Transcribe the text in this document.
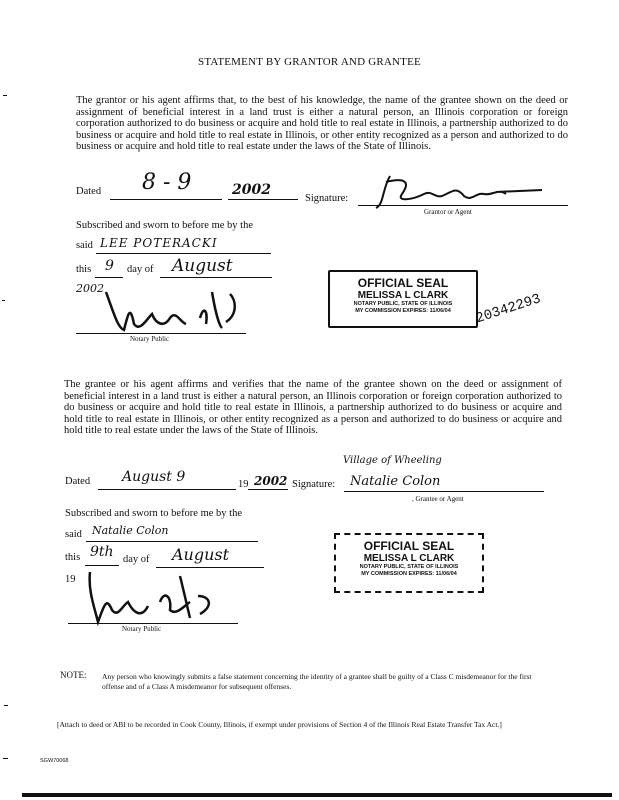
STATEMENT BY GRANTOR AND GRANTEE
The grantor or his agent affirms that, to the best of his knowledge, the name of the grantee shown on the deed or assignment of beneficial interest in a land trust is either a natural person, an Illinois corporation or foreign corporation authorized to do business or acquire and hold title to real estate in Illinois, a partnership authorized to do business or acquire and hold title to real estate in Illinois, or other entity recognized as a person and authorized to do business or acquire and hold title to real estate under the laws of the State of Illinois.
Dated 8 - 9	2002
Signature:
Grantor or Agent
Subscribed and sworn to before me by the
said LEE POTERACKI
this 9 day of August
2002
Notary Public
OFFICIAL SEAL
MELISSA L CLARK
NOTARY PUBLIC, STATE OF ILLINOIS
MY COMMISSION EXPIRES: 11/06/04	20342293
The grantee or his agent affirms and verifies that the name of the grantee shown on the deed or assignment of beneficial interest in a land trust is either a natural person, an Illinois corporation or foreign corporation authorized to do business or acquire and hold title to real estate in Illinois, a partnership authorized to do business or acquire and hold title to real estate in Illinois, or other entity recognized as a person and authorized to do business or acquire and hold title to real estate under the laws of the State of Illinois.
Village of Wheeling
Dated August 9	19 2002 Signature: Natalie Colon
, Grantee or Agent
Subscribed and sworn to before me by the
said Natalie Colon
this 9th day of August
19
Notary Public
OFFICIAL SEAL
MELISSA L CLARK
NOTARY PUBLIC, STATE OF ILLINOIS
MY COMMISSION EXPIRES: 11/06/04
NOTE: Any person who knowingly submits a false statement concerning the identity of a grantee shall be guilty of a Class C misdemeanor for the first offense and of a Class A misdemeanor for subsequent offenses.
[Attach to deed or ABI to be recorded in Cook County, Illinois, if exempt under provisions of Section 4 of the Illinois Real Estate Transfer Tax Act.]
SGW70068
